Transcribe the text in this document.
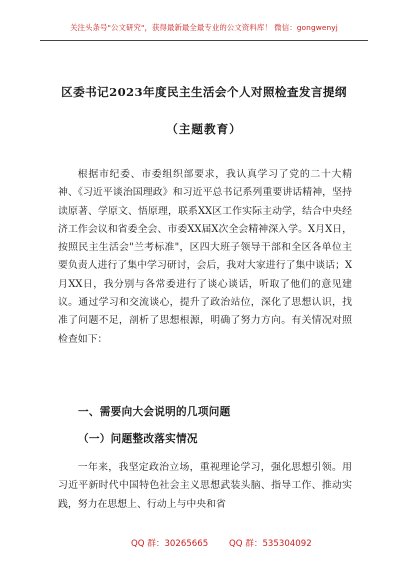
关注头条号"公文研究"，获得最新最全最专业的公文资料库！ 微信：gongwenyj
区委书记2023年度民主生活会个人对照检查发言提纲
（主题教育）
根据市纪委、市委组织部要求，我认真学习了党的二十大精神、《习近平谈治国理政》和习近平总书记系列重要讲话精神，坚持读原著、学原文、悟原理，联系XX区工作实际主动学，结合中央经济工作会议和省委全会、市委XX届X次全会精神深入学。X月X日，按照民主生活会"兰考标准"，区四大班子领导干部和全区各单位主要负责人进行了集中学习研讨，会后，我对大家进行了集中谈话；X月XX日，我分别与各常委进行了谈心谈话，听取了他们的意见建议。通过学习和交流谈心，提升了政治站位，深化了思想认识，找准了问题不足，剖析了思想根源，明确了努力方向。有关情况对照检查如下：
一、需要向大会说明的几项问题
（一）问题整改落实情况
一年来，我坚定政治立场，重视理论学习，强化思想引领。用习近平新时代中国特色社会主义思想武装头脑、指导工作、推动实践，努力在思想上、行动上与中央和省
QQ 群：30265665 QQ 群：535304092
